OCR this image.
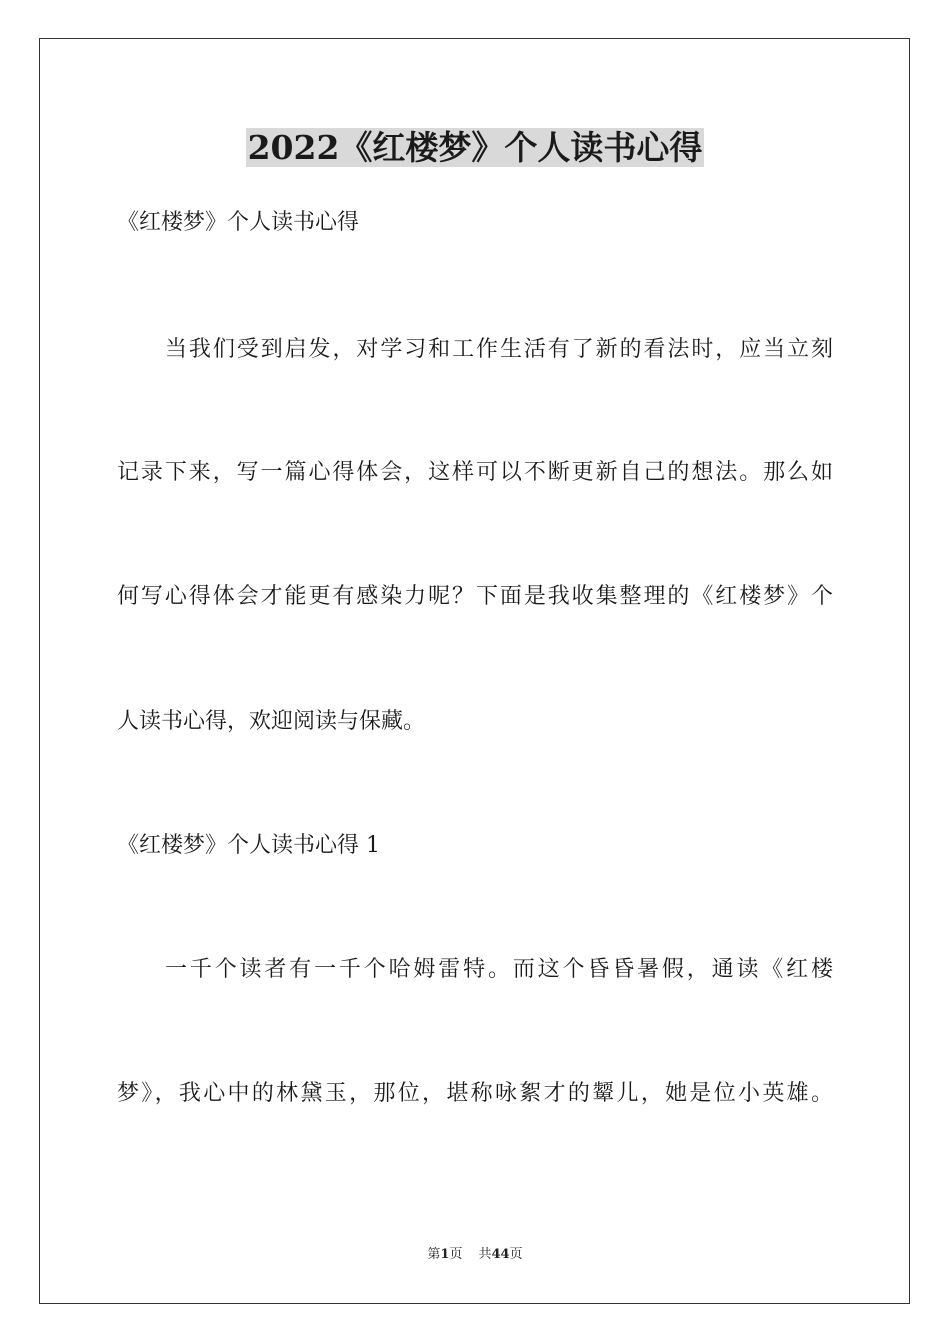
2022《红楼梦》个人读书心得

《红楼梦》个人读书心得

当我们受到启发，对学习和工作生活有了新的看法时，应当立刻

记录下来，写一篇心得体会，这样可以不断更新自己的想法。那么如

何写心得体会才能更有感染力呢？下面是我收集整理的《红楼梦》个

人读书心得，欢迎阅读与保藏。

《红楼梦》个人读书心得 1

一千个读者有一千个哈姆雷特。而这个昏昏暑假，通读《红楼

梦》，我心中的林黛玉，那位，堪称咏絮才的颦儿，她是位小英雄。

第1页 共44页
